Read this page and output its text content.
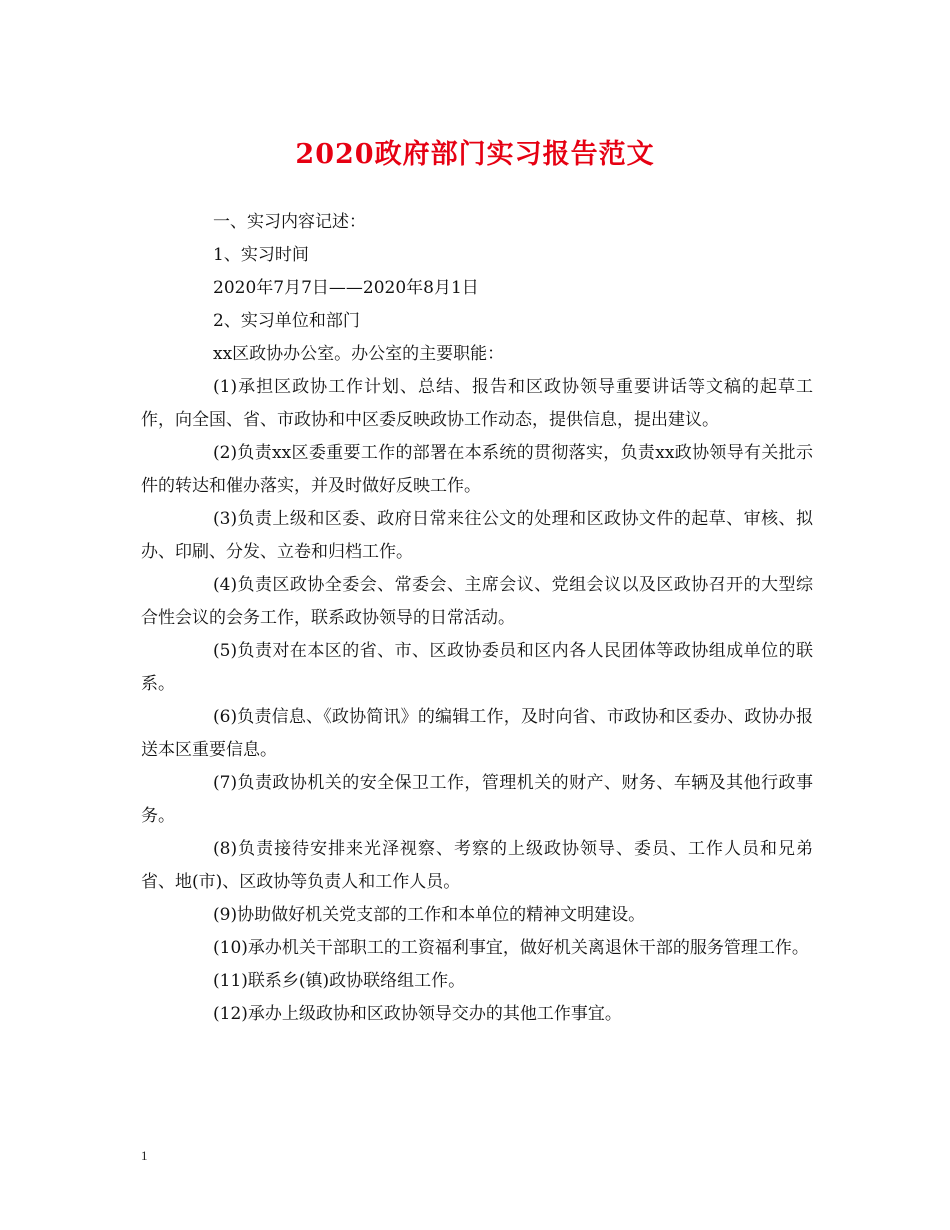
2020政府部门实习报告范文

一、实习内容记述：

1、实习时间

2020年7月7日——2020年8月1日

2、实习单位和部门

xx区政协办公室。办公室的主要职能：

(1)承担区政协工作计划、总结、报告和区政协领导重要讲话等文稿的起草工作，向全国、省、市政协和中区委反映政协工作动态，提供信息，提出建议。

(2)负责xx区委重要工作的部署在本系统的贯彻落实，负责xx政协领导有关批示件的转达和催办落实，并及时做好反映工作。

(3)负责上级和区委、政府日常来往公文的处理和区政协文件的起草、审核、拟办、印刷、分发、立卷和归档工作。

(4)负责区政协全委会、常委会、主席会议、党组会议以及区政协召开的大型综合性会议的会务工作，联系政协领导的日常活动。

(5)负责对在本区的省、市、区政协委员和区内各人民团体等政协组成单位的联系。

(6)负责信息、《政协简讯》的编辑工作，及时向省、市政协和区委办、政协办报送本区重要信息。

(7)负责政协机关的安全保卫工作，管理机关的财产、财务、车辆及其他行政事务。

(8)负责接待安排来光泽视察、考察的上级政协领导、委员、工作人员和兄弟省、地(市)、区政协等负责人和工作人员。

(9)协助做好机关党支部的工作和本单位的精神文明建设。

(10)承办机关干部职工的工资福利事宜，做好机关离退休干部的服务管理工作。

(11)联系乡(镇)政协联络组工作。

(12)承办上级政协和区政协领导交办的其他工作事宜。

1
